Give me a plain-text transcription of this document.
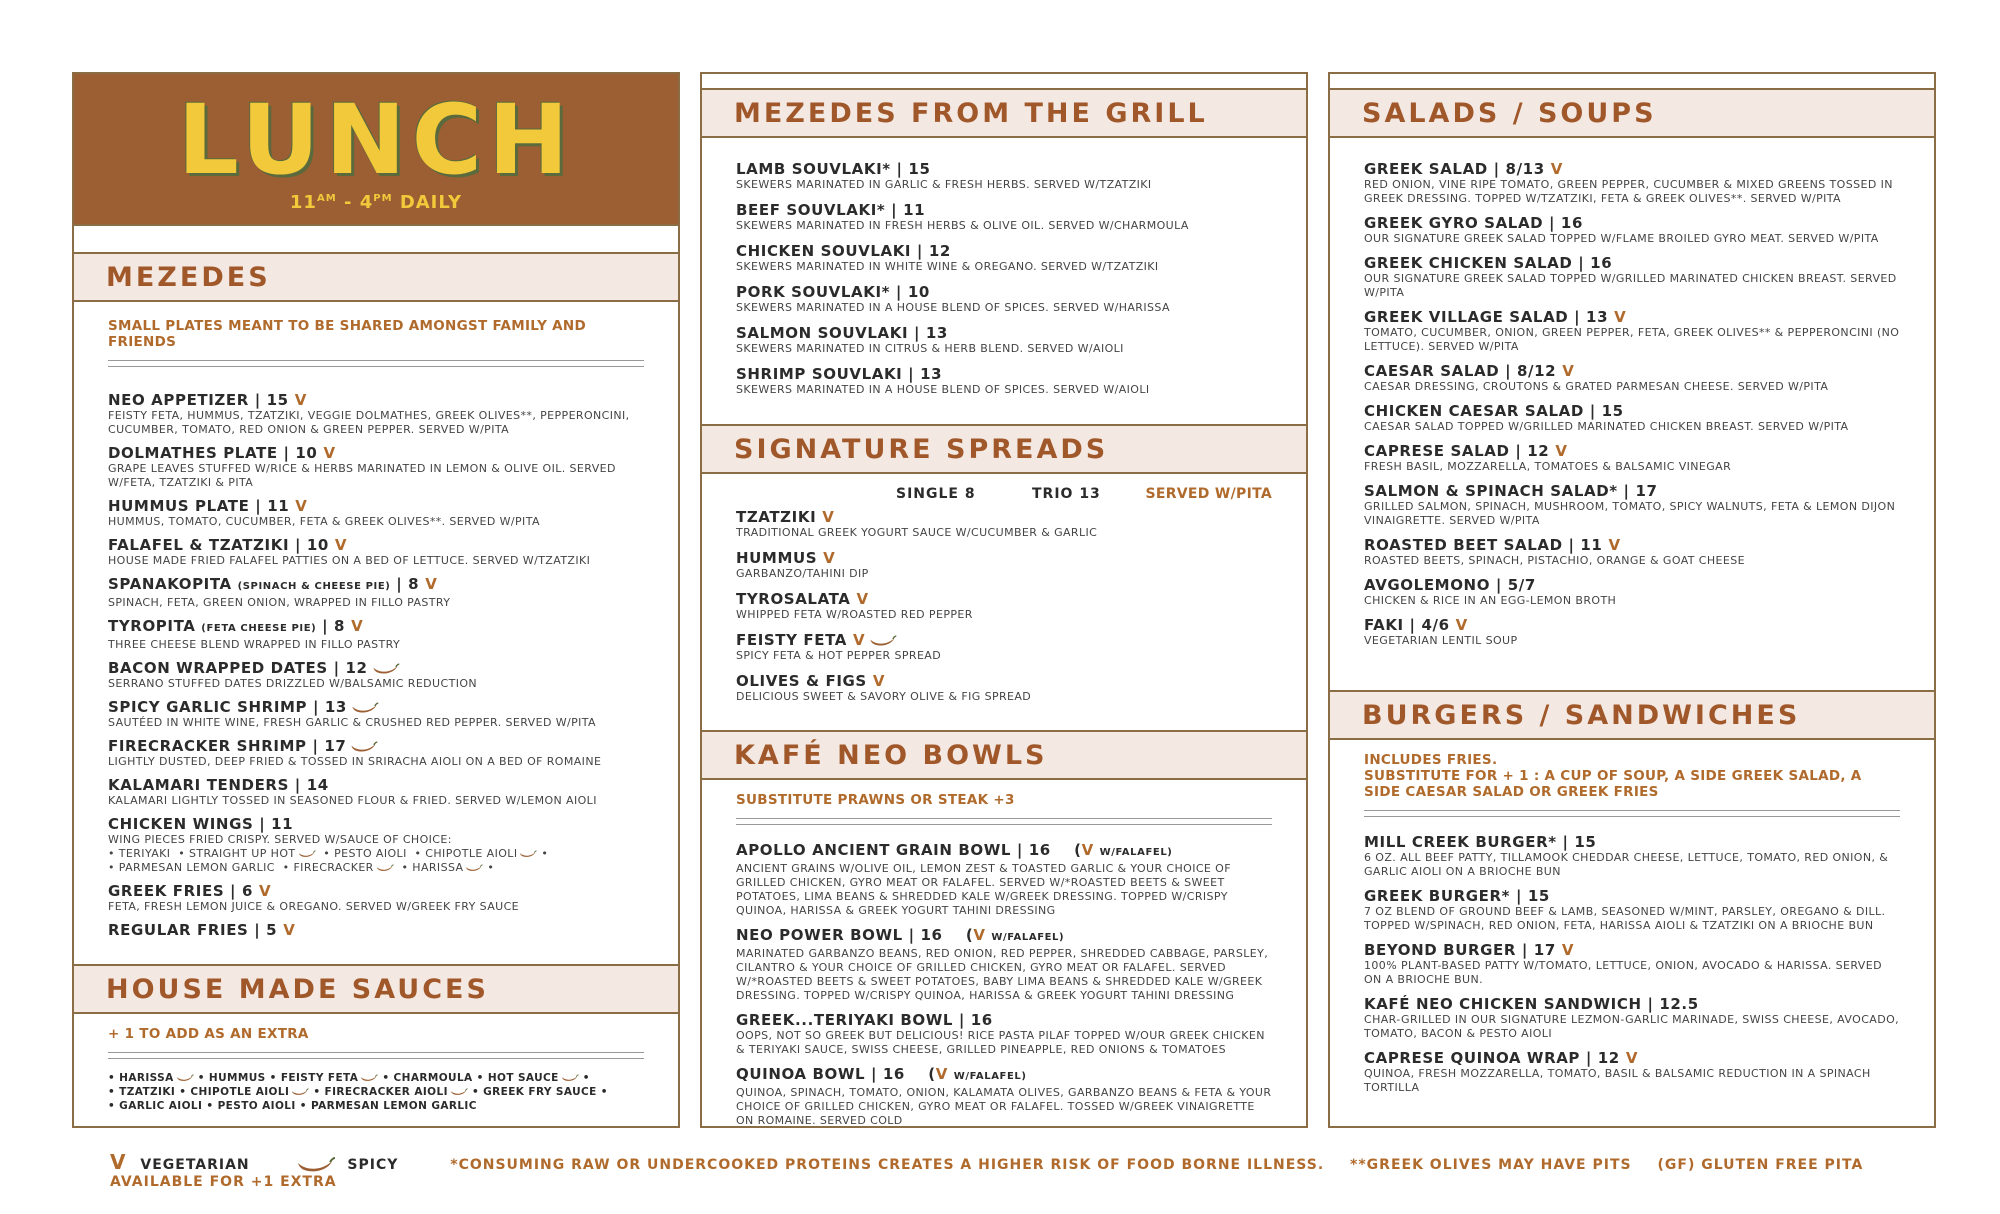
LUNCH
$11^{AM} - 4^{PM}$ DAILY
MEZEDES
SMALL PLATES MEANT TO BE SHARED AMONGST FAMILY AND FRIENDS
NEO APPETIZER | 15 V
FEISTY FETA, HUMMUS, TZATZIKI, VEGGIE DOLMATHES, GREEK OLIVES**, PEPPERONCINI, CUCUMBER, TOMATO, RED ONION & GREEN PEPPER. SERVED W/PITA
DOLMATHES PLATE | 10 V
GRAPE LEAVES STUFFED W/RICE & HERBS MARINATED IN LEMON & OLIVE OIL. SERVED W/FETA, TZATZIKI & PITA
HUMMUS PLATE | 11 V
HUMMUS, TOMATO, CUCUMBER, FETA & GREEK OLIVES**. SERVED W/PITA
FALAFEL & TZATZIKI | 10 V
HOUSE MADE FRIED FALAFEL PATTIES ON A BED OF LETTUCE. SERVED W/TZATZIKI
SPANAKOPITA (SPINACH & CHEESE PIE) | 8 V
SPINACH, FETA, GREEN ONION, WRAPPED IN FILLO PASTRY
TYROPITA (FETA CHEESE PIE) | 8 V
THREE CHEESE BLEND WRAPPED IN FILLO PASTRY
BACON WRAPPED DATES | 12
SERRANO STUFFED DATES DRIZZLED W/BALSAMIC REDUCTION
SPICY GARLIC SHRIMP | 13
SAUTÉED IN WHITE WINE, FRESH GARLIC & CRUSHED RED PEPPER. SERVED W/PITA
FIRECRACKER SHRIMP | 17
LIGHTLY DUSTED, DEEP FRIED & TOSSED IN SRIRACHA AIOLI ON A BED OF ROMAINE
KALAMARI TENDERS | 14
KALAMARI LIGHTLY TOSSED IN SEASONED FLOUR & FRIED. SERVED W/LEMON AIOLI
CHICKEN WINGS | 11
WING PIECES FRIED CRISPY. SERVED W/SAUCE OF CHOICE:
• TERIYAKI  • STRAIGHT UP HOT  • PESTO AIOLI  • CHIPOTLE AIOLI •
• PARMESAN LEMON GARLIC  • FIRECRACKER  • HARISSA •
GREEK FRIES | 6 V
FETA, FRESH LEMON JUICE & OREGANO. SERVED W/GREEK FRY SAUCE
REGULAR FRIES | 5 V
HOUSE MADE SAUCES
+ 1 TO ADD AS AN EXTRA
• HARISSA • HUMMUS • FEISTY FETA • CHARMOULA • HOT SAUCE •
• TZATZIKI • CHIPOTLE AIOLI • FIRECRACKER AIOLI • GREEK FRY SAUCE •
• GARLIC AIOLI • PESTO AIOLI • PARMESAN LEMON GARLIC
MEZEDES FROM THE GRILL
LAMB SOUVLAKI* | 15
SKEWERS MARINATED IN GARLIC & FRESH HERBS. SERVED W/TZATZIKI
BEEF SOUVLAKI* | 11
SKEWERS MARINATED IN FRESH HERBS & OLIVE OIL. SERVED W/CHARMOULA
CHICKEN SOUVLAKI | 12
SKEWERS MARINATED IN WHITE WINE & OREGANO. SERVED W/TZATZIKI
PORK SOUVLAKI* | 10
SKEWERS MARINATED IN A HOUSE BLEND OF SPICES. SERVED W/HARISSA
SALMON SOUVLAKI | 13
SKEWERS MARINATED IN CITRUS & HERB BLEND. SERVED W/AIOLI
SHRIMP SOUVLAKI | 13
SKEWERS MARINATED IN A HOUSE BLEND OF SPICES. SERVED W/AIOLI
SIGNATURE SPREADS
SINGLE 8	TRIO 13	SERVED W/PITA
TZATZIKI V
TRADITIONAL GREEK YOGURT SAUCE W/CUCUMBER & GARLIC
HUMMUS V
GARBANZO/TAHINI DIP
TYROSALATA V
WHIPPED FETA W/ROASTED RED PEPPER
FEISTY FETA V
SPICY FETA & HOT PEPPER SPREAD
OLIVES & FIGS V
DELICIOUS SWEET & SAVORY OLIVE & FIG SPREAD
KAFÉ NEO BOWLS
SUBSTITUTE PRAWNS OR STEAK +3
APOLLO ANCIENT GRAIN BOWL | 16    (V W/FALAFEL)
ANCIENT GRAINS W/OLIVE OIL, LEMON ZEST & TOASTED GARLIC & YOUR CHOICE OF GRILLED CHICKEN, GYRO MEAT OR FALAFEL. SERVED W/*ROASTED BEETS & SWEET POTATOES, LIMA BEANS & SHREDDED KALE W/GREEK DRESSING. TOPPED W/CRISPY QUINOA, HARISSA & GREEK YOGURT TAHINI DRESSING
NEO POWER BOWL | 16    (V W/FALAFEL)
MARINATED GARBANZO BEANS, RED ONION, RED PEPPER, SHREDDED CABBAGE, PARSLEY, CILANTRO & YOUR CHOICE OF GRILLED CHICKEN, GYRO MEAT OR FALAFEL. SERVED W/*ROASTED BEETS & SWEET POTATOES, BABY LIMA BEANS & SHREDDED KALE W/GREEK DRESSING. TOPPED W/CRISPY QUINOA, HARISSA & GREEK YOGURT TAHINI DRESSING
GREEK...TERIYAKI BOWL | 16
OOPS, NOT SO GREEK BUT DELICIOUS! RICE PASTA PILAF TOPPED W/OUR GREEK CHICKEN & TERIYAKI SAUCE, SWISS CHEESE, GRILLED PINEAPPLE, RED ONIONS & TOMATOES
QUINOA BOWL | 16    (V W/FALAFEL)
QUINOA, SPINACH, TOMATO, ONION, KALAMATA OLIVES, GARBANZO BEANS & FETA & YOUR CHOICE OF GRILLED CHICKEN, GYRO MEAT OR FALAFEL. TOSSED W/GREEK VINAIGRETTE ON ROMAINE. SERVED COLD
SALADS / SOUPS
GREEK SALAD | 8/13 V
RED ONION, VINE RIPE TOMATO, GREEN PEPPER, CUCUMBER & MIXED GREENS TOSSED IN GREEK DRESSING. TOPPED W/TZATZIKI, FETA & GREEK OLIVES**. SERVED W/PITA
GREEK GYRO SALAD | 16
OUR SIGNATURE GREEK SALAD TOPPED W/FLAME BROILED GYRO MEAT. SERVED W/PITA
GREEK CHICKEN SALAD | 16
OUR SIGNATURE GREEK SALAD TOPPED W/GRILLED MARINATED CHICKEN BREAST. SERVED W/PITA
GREEK VILLAGE SALAD | 13 V
TOMATO, CUCUMBER, ONION, GREEN PEPPER, FETA, GREEK OLIVES** & PEPPERONCINI (NO LETTUCE). SERVED W/PITA
CAESAR SALAD | 8/12 V
CAESAR DRESSING, CROUTONS & GRATED PARMESAN CHEESE. SERVED W/PITA
CHICKEN CAESAR SALAD | 15
CAESAR SALAD TOPPED W/GRILLED MARINATED CHICKEN BREAST. SERVED W/PITA
CAPRESE SALAD | 12 V
FRESH BASIL, MOZZARELLA, TOMATOES & BALSAMIC VINEGAR
SALMON & SPINACH SALAD* | 17
GRILLED SALMON, SPINACH, MUSHROOM, TOMATO, SPICY WALNUTS, FETA & LEMON DIJON VINAIGRETTE. SERVED W/PITA
ROASTED BEET SALAD | 11 V
ROASTED BEETS, SPINACH, PISTACHIO, ORANGE & GOAT CHEESE
AVGOLEMONO | 5/7
CHICKEN & RICE IN AN EGG-LEMON BROTH
FAKI | 4/6 V
VEGETARIAN LENTIL SOUP
BURGERS / SANDWICHES
INCLUDES FRIES.
SUBSTITUTE FOR + 1 : A CUP OF SOUP, A SIDE GREEK SALAD, A SIDE CAESAR SALAD OR GREEK FRIES
MILL CREEK BURGER* | 15
6 OZ. ALL BEEF PATTY, TILLAMOOK CHEDDAR CHEESE, LETTUCE, TOMATO, RED ONION, & GARLIC AIOLI ON A BRIOCHE BUN
GREEK BURGER* | 15
7 OZ BLEND OF GROUND BEEF & LAMB, SEASONED W/MINT, PARSLEY, OREGANO & DILL. TOPPED W/SPINACH, RED ONION, FETA, HARISSA AIOLI & TZATZIKI ON A BRIOCHE BUN
BEYOND BURGER | 17 V
100% PLANT-BASED PATTY W/TOMATO, LETTUCE, ONION, AVOCADO & HARISSA. SERVED ON A BRIOCHE BUN.
KAFÉ NEO CHICKEN SANDWICH | 12.5
CHAR-GRILLED IN OUR SIGNATURE LEZMON-GARLIC MARINADE, SWISS CHEESE, AVOCADO, TOMATO, BACON & PESTO AIOLI
CAPRESE QUINOA WRAP | 12 V
QUINOA, FRESH MOZZARELLA, TOMATO, BASIL & BALSAMIC REDUCTION IN A SPINACH TORTILLA
V VEGETARIAN	SPICY	*CONSUMING RAW OR UNDERCOOKED PROTEINS CREATES A HIGHER RISK OF FOOD BORNE ILLNESS. **GREEK OLIVES MAY HAVE PITS (GF) GLUTEN FREE PITA AVAILABLE FOR +1 EXTRA
